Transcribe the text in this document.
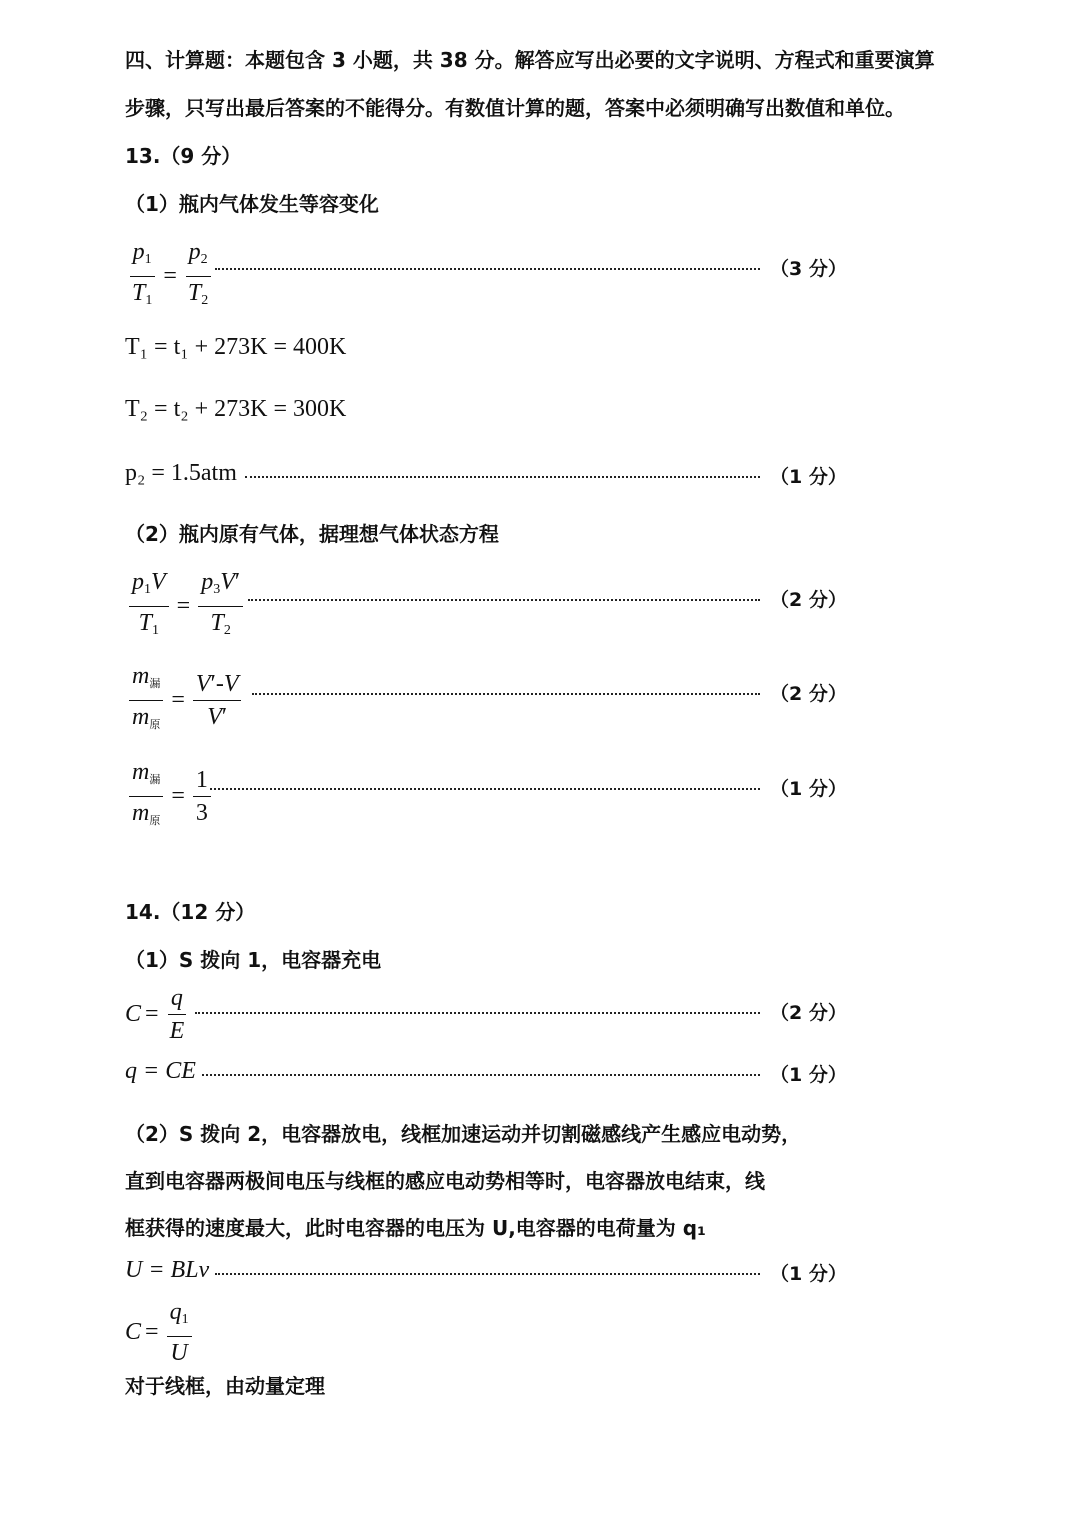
四、计算题：本题包含 3 小题，共 38 分。解答应写出必要的文字说明、方程式和重要演算
步骤，只写出最后答案的不能得分。有数值计算的题，答案中必须明确写出数值和单位。
13.（9 分）
（1）瓶内气体发生等容变化
$\frac{p_1}{T_1} = \frac{p_2}{T_2}$	（3 分）
T₁ = t₁ + 273K = 400K
T₂ = t₂ + 273K = 300K
p₂ = 1.5atm	（1 分）
（2）瓶内原有气体，据理想气体状态方程
$\frac{p_1V}{T_1} = \frac{p_3V'}{T_2}$	（2 分）
$\frac{m_漏}{m_原} = \frac{V'-V}{V'}$	（2 分）
$\frac{m_漏}{m_原} = \frac{1}{3}$	（1 分）
14.（12 分）
（1）S 拨向 1，电容器充电
$C = \frac{q}{E}$	（2 分）
q = CE	（1 分）
（2）S 拨向 2，电容器放电，线框加速运动并切割磁感线产生感应电动势，
直到电容器两极间电压与线框的感应电动势相等时，电容器放电结束，线
框获得的速度最大，此时电容器的电压为 U,电容器的电荷量为 q₁
U = BLv	（1 分）
$C = \frac{q_1}{U}$
对于线框，由动量定理
